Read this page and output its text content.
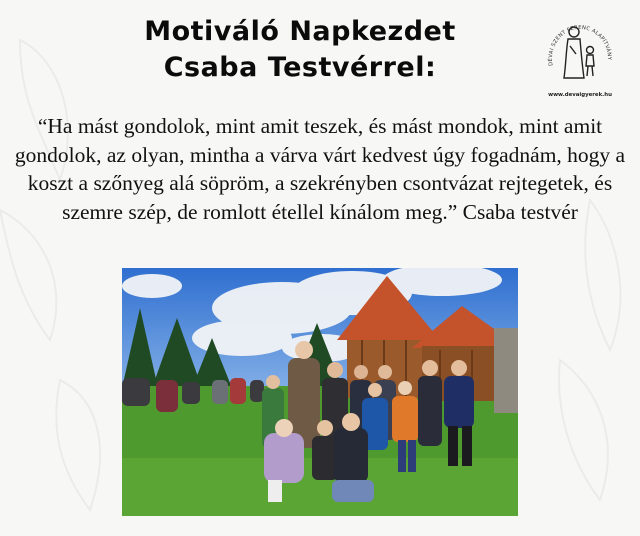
Motiváló Napkezdet
Csaba Testvérrel:	DÉVAI SZENT FERENC ALAPÍTVÁNY
www.devaigyerek.hu
“Ha mást gondolok, mint amit teszek, és mást mondok, mint amit gondolok, az olyan, mintha a várva várt kedvest úgy fogadnám, hogy a koszt a szőnyeg alá söpröm, a szekrényben csontvázat rejtegetek, és szemre szép, de romlott étellel kínálom meg.” Csaba testvér
